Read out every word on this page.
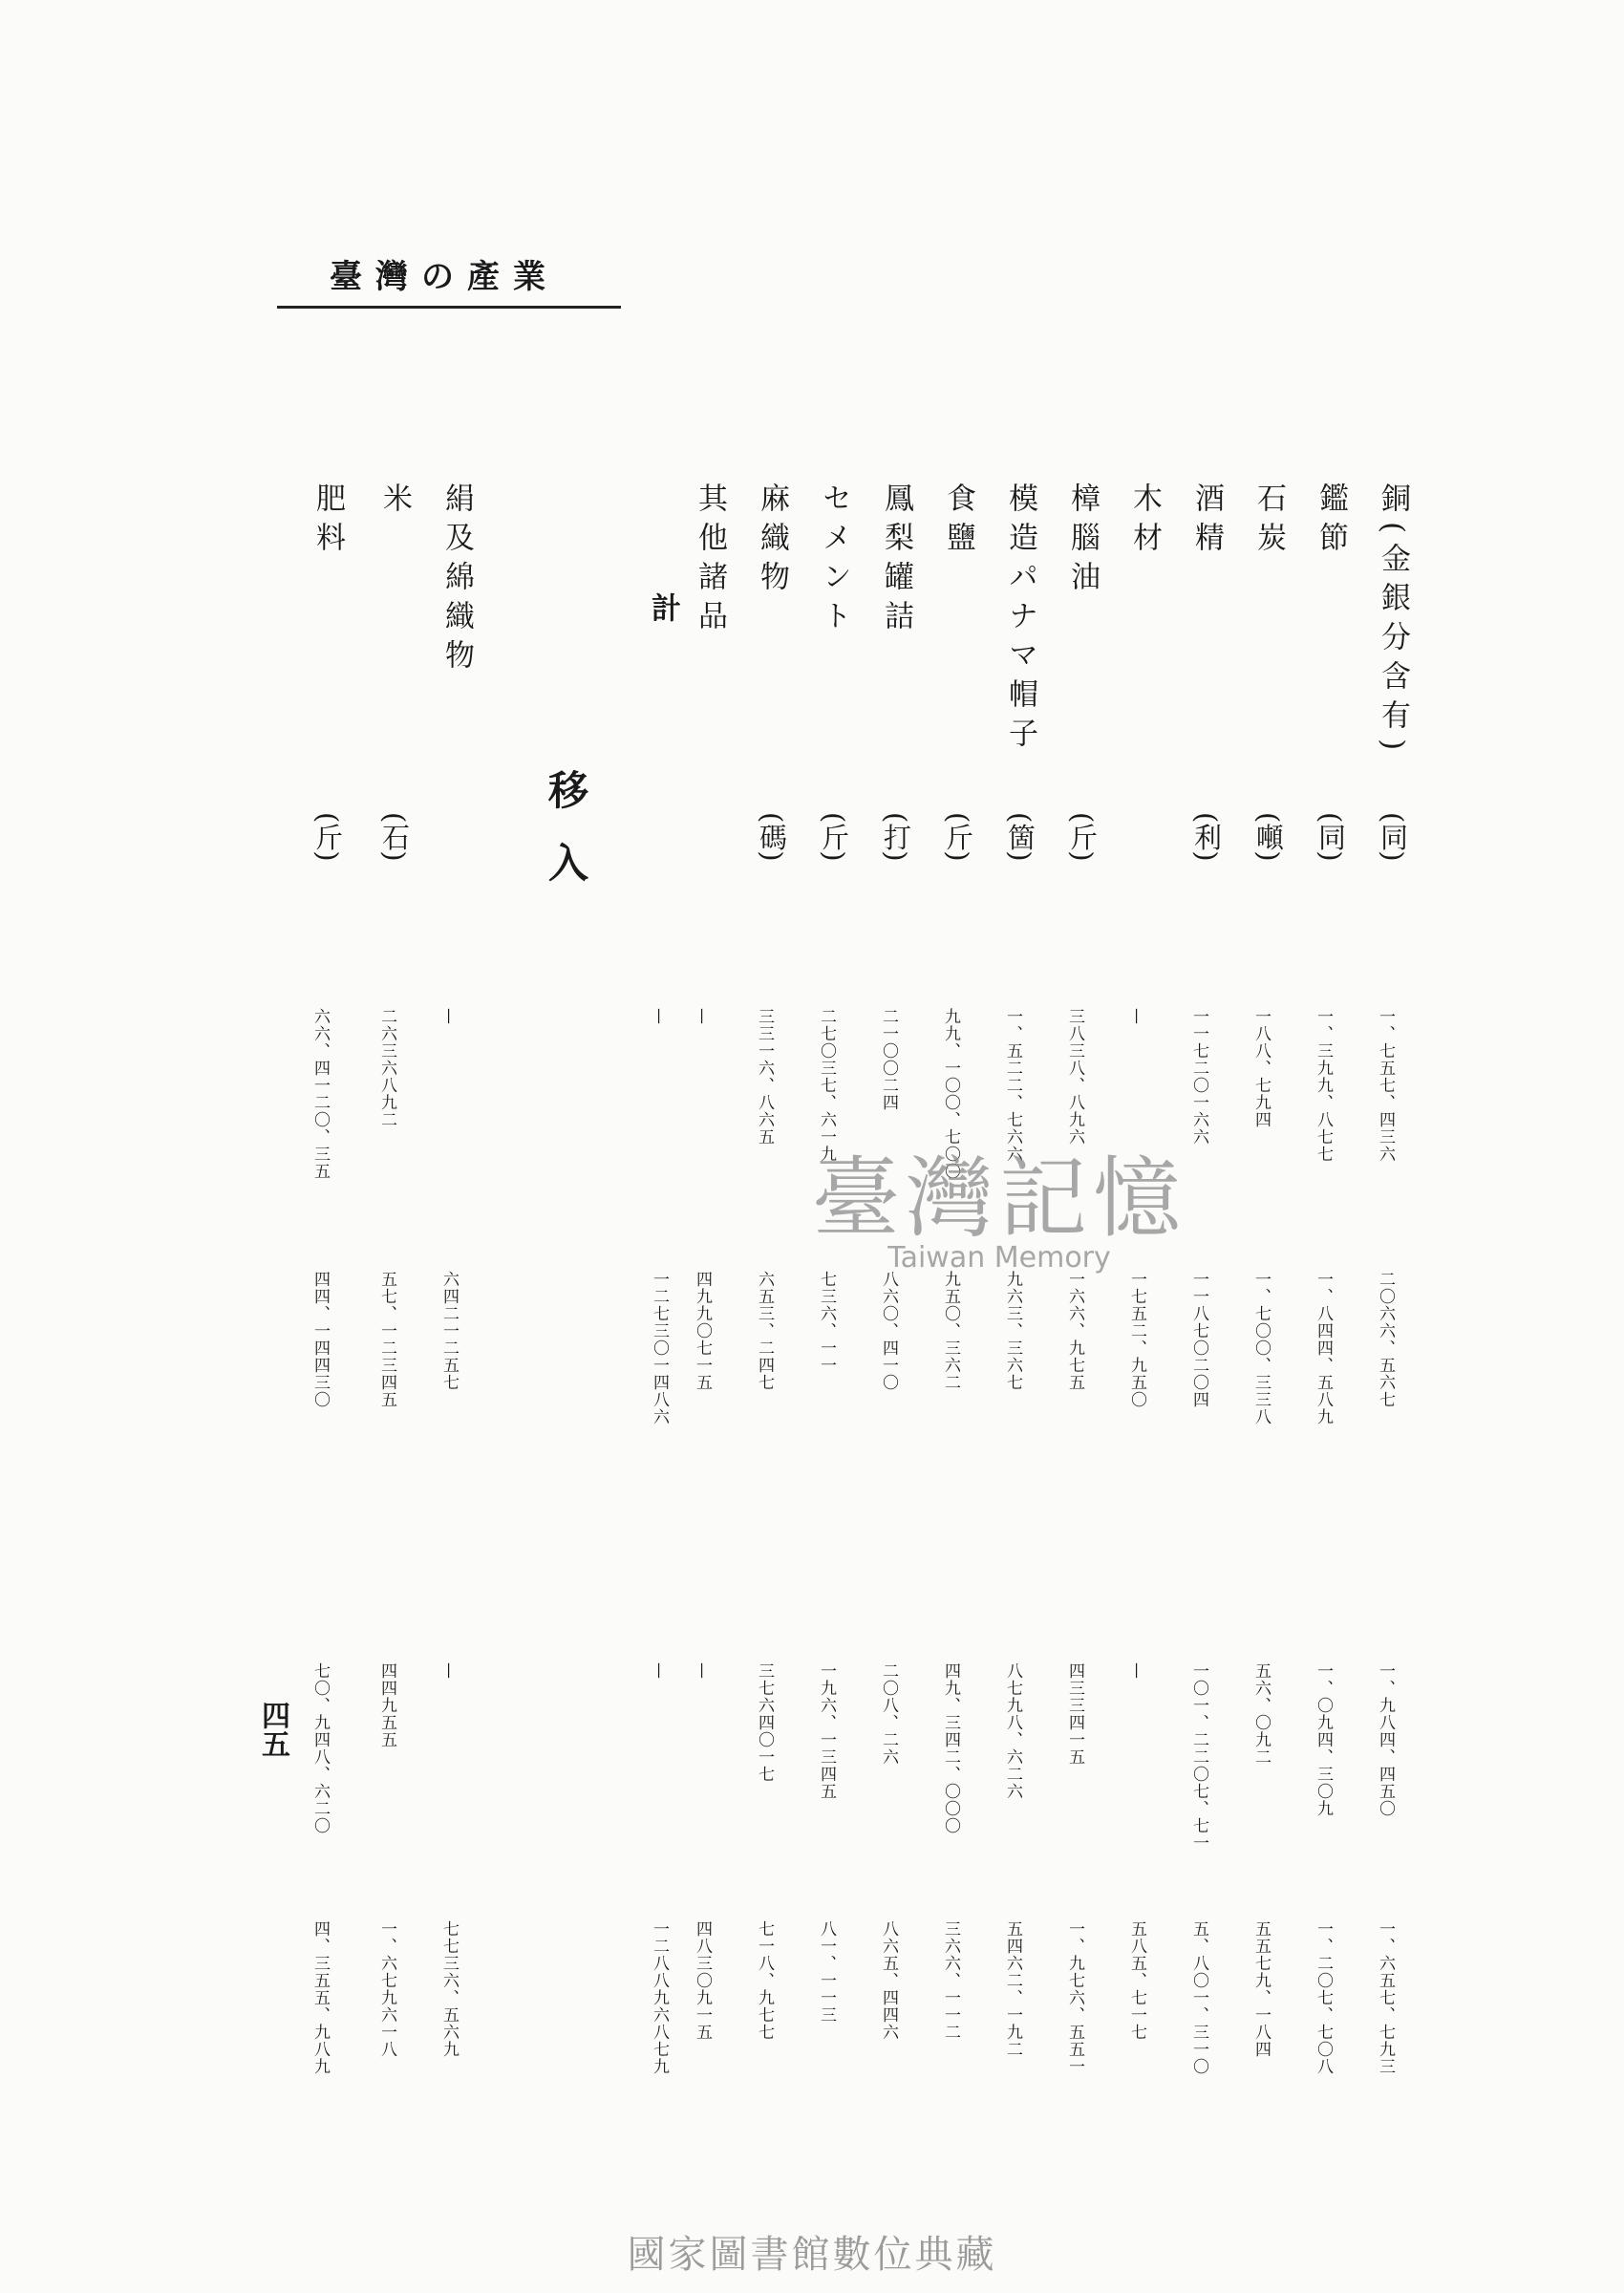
臺灣の產業
銅(金銀分含有)
(同)
一、七五七、四三六
二〇六六、五六七
一、九八四、四五〇
一、六五七、七九三
鑑節
(同)
一、三九九、八七七
一、八四四、五八九
一、〇九四、三〇九
一、二〇七、七〇八
石炭
(噸)
一八八、七九四
一、七〇〇、三三八
五六、〇九二
五五七九、一八四
酒精
(利)
一一七二〇一六六
一一八七〇二〇四
一〇一、二二〇七、七一
五、八〇一、三一〇
木材
—
一七五二、九五〇
—
五八五、七一七
樟腦油
(斤)
三八三八、八九六
一六六、九七五
四三三四一五
一、九七六、五五一
模造パナマ帽子
(箇)
一、五二二、七六六
九六三、三六七
八七九八、六二六
五四六二、一九二
食鹽
(斤)
九九、一〇〇、七〇〇
九五〇、三六二
四九、三四二、〇〇〇
三六六、一一二
鳳梨罐詰
(打)
二一〇〇二四
八六〇、四一〇
二〇八、二六
八六五、四四六
セメント
(斤)
二七〇三七、六一九
七三六、一一
一九六、一三四五
八一、一一三
麻織物
(碼)
三三一六、八六五
六五三、二四七
三七六四〇一七
七一八、九七七
其他諸品
—
四九九〇七一五
—
四八三〇九一五
絹及綿織物
—
六四二一二五七
—
七七三六、五六九
米
(石)
二六三六八九二
五七、一二三四五
四四九五五
一、六七九六一八
肥料
(斤)
六六、四一二〇、三五
四四、一四四三〇
七〇、九四八、六二〇
四、三五五、九八九
移入
計
—
一二七三〇一四八六
—
一二八八九六八七九
四五
臺灣記憶
Taiwan Memory
國家圖書館數位典藏
